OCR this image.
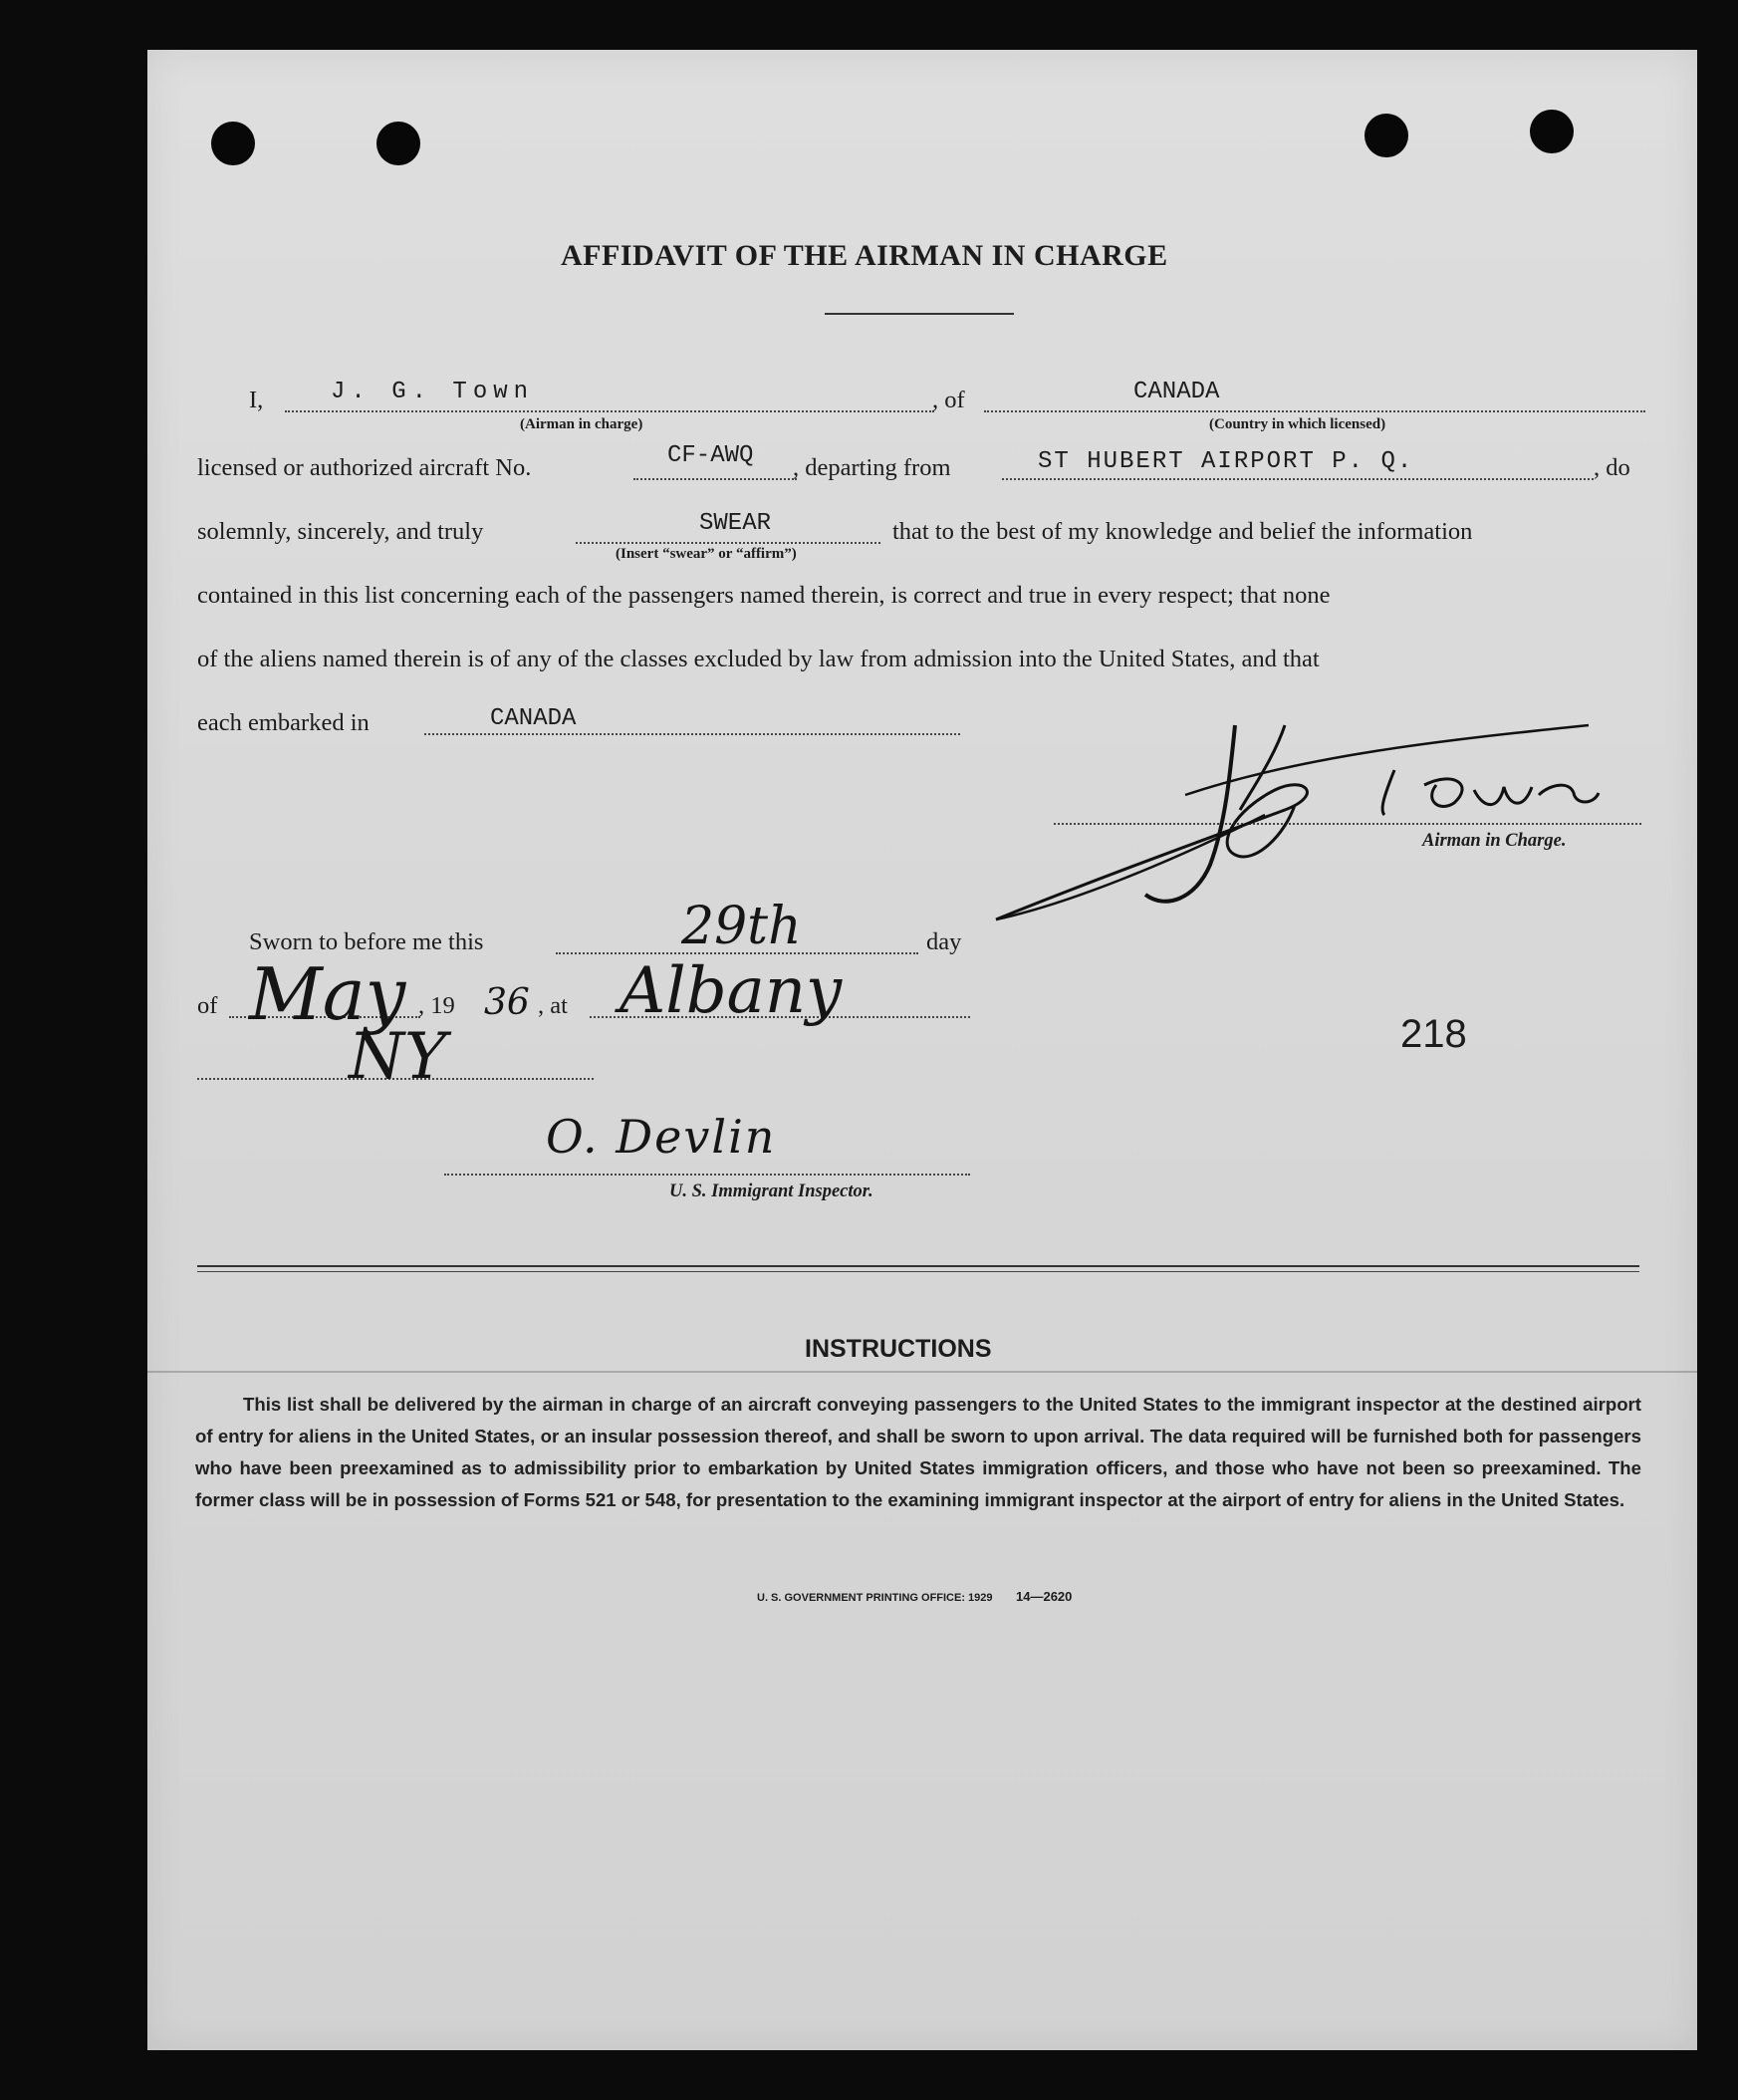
AFFIDAVIT OF THE AIRMAN IN CHARGE
I,	J. G. Town
(Airman in charge)
, of	CANADA
(Country in which licensed)
licensed or authorized aircraft No.	CF-AWQ , departing from	ST HUBERT AIRPORT P. Q.	, do
solemnly, sincerely, and truly	SWEAR
(Insert “swear” or “affirm”)
that to the best of my knowledge and belief the information
contained in this list concerning each of the passengers named therein, is correct and true in every respect; that none
of the aliens named therein is of any of the classes excluded by law from admission into the United States, and that
each embarked in	CANADA
Airman in Charge.
Sworn to before me this	29th	day
of May , 19 36 , at Albany
NY	218
O. Devlin
U. S. Immigrant Inspector.
INSTRUCTIONS
This list shall be delivered by the airman in charge of an aircraft conveying passengers to the United States to the immigrant inspector at the destined airport of entry for aliens in the United States, or an insular possession thereof, and shall be sworn to upon arrival. The data required will be furnished both for passengers who have been preexamined as to admissibility prior to embarkation by United States immigration officers, and those who have not been so preexamined. The former class will be in possession of Forms 521 or 548, for presentation to the examining immigrant inspector at the airport of entry for aliens in the United States.
U. S. GOVERNMENT PRINTING OFFICE: 1929 14—2620
